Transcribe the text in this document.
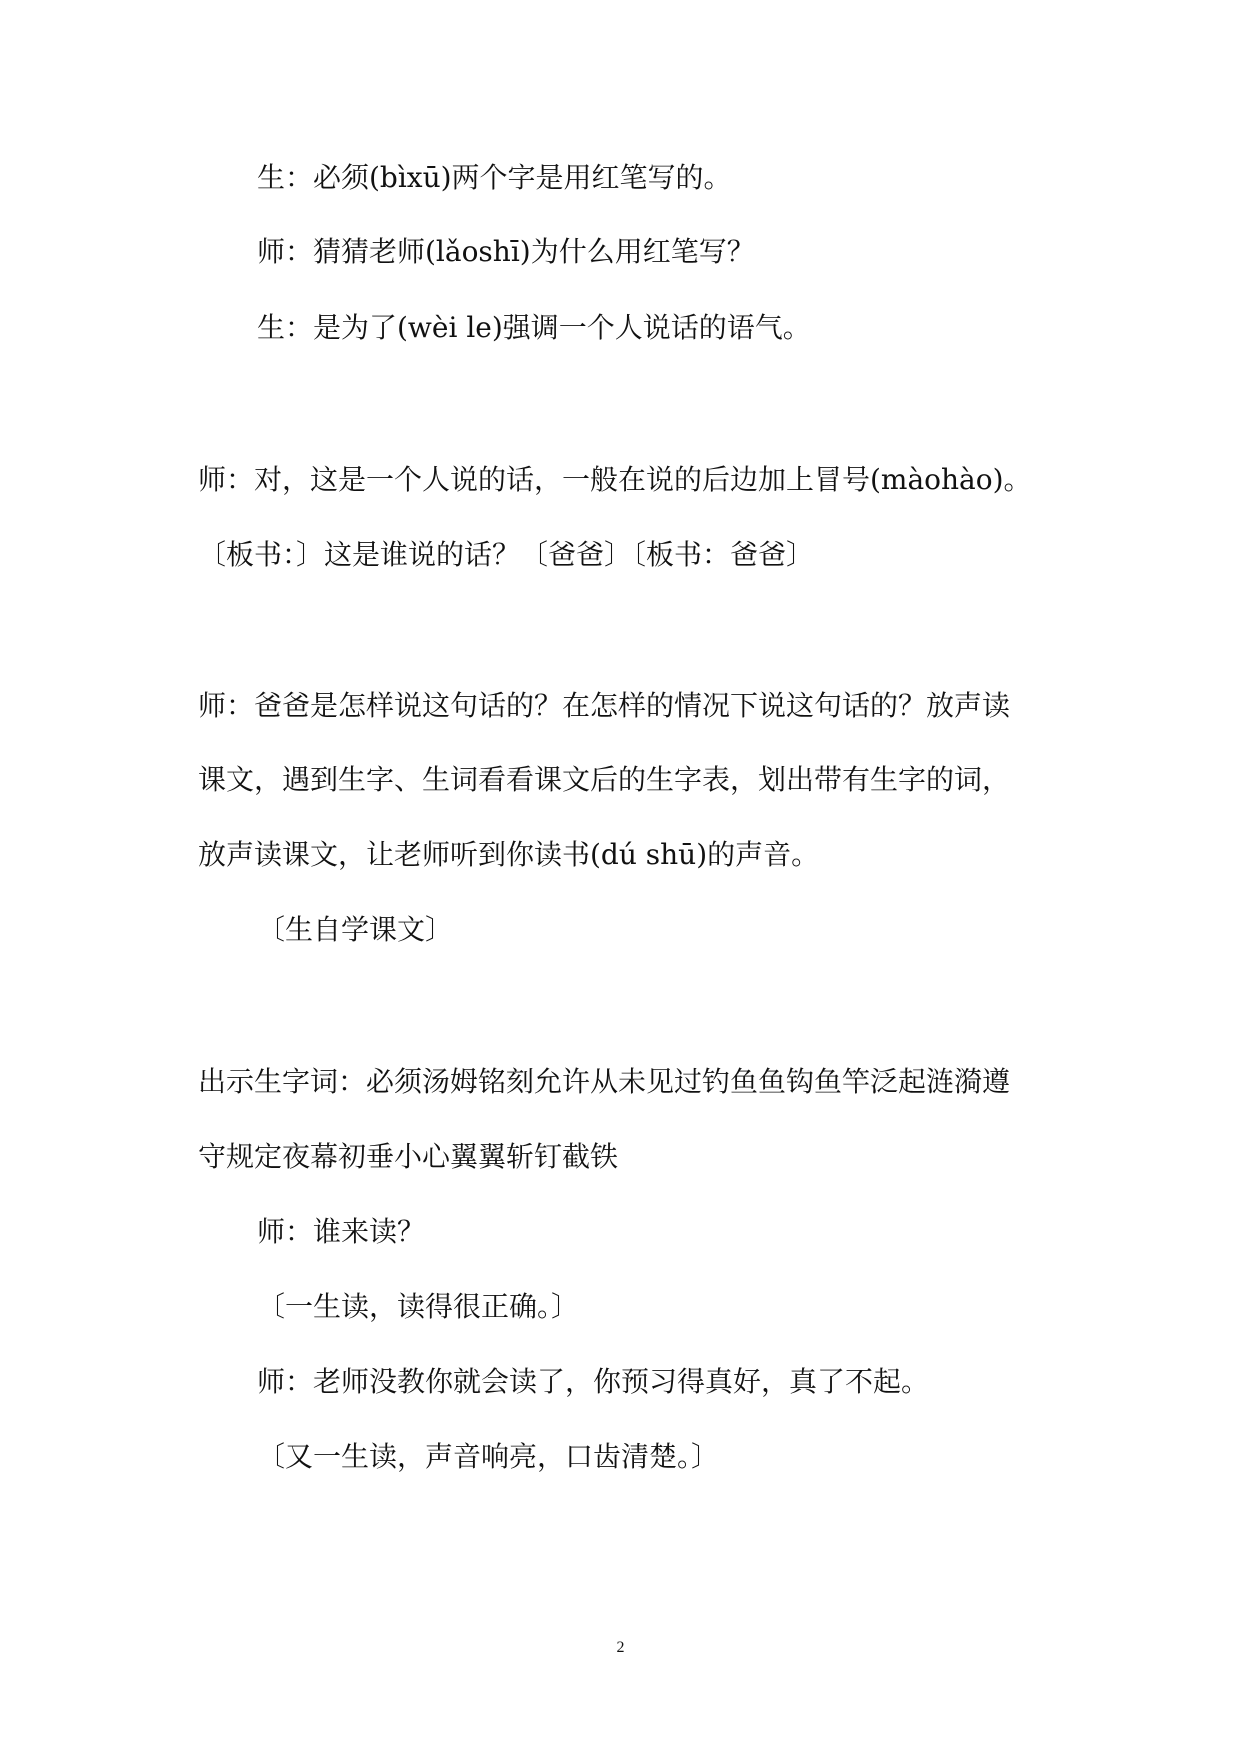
生：必须(bìxū)两个字是用红笔写的。
师：猜猜老师(lǎoshī)为什么用红笔写？
生：是为了(wèi le)强调一个人说话的语气。
师：对，这是一个人说的话，一般在说的后边加上冒号(màohào)。
〔板书：〕这是谁说的话？〔爸爸〕〔板书：爸爸〕
师：爸爸是怎样说这句话的？在怎样的情况下说这句话的？放声读
课文，遇到生字、生词看看课文后的生字表，划出带有生字的词，
放声读课文，让老师听到你读书(dú shū)的声音。
〔生自学课文〕
出示生字词：必须汤姆铭刻允许从未见过钓鱼鱼钩鱼竿泛起涟漪遵
守规定夜幕初垂小心翼翼斩钉截铁
师：谁来读？
〔一生读，读得很正确。〕
师：老师没教你就会读了，你预习得真好，真了不起。
〔又一生读，声音响亮，口齿清楚。〕
2
